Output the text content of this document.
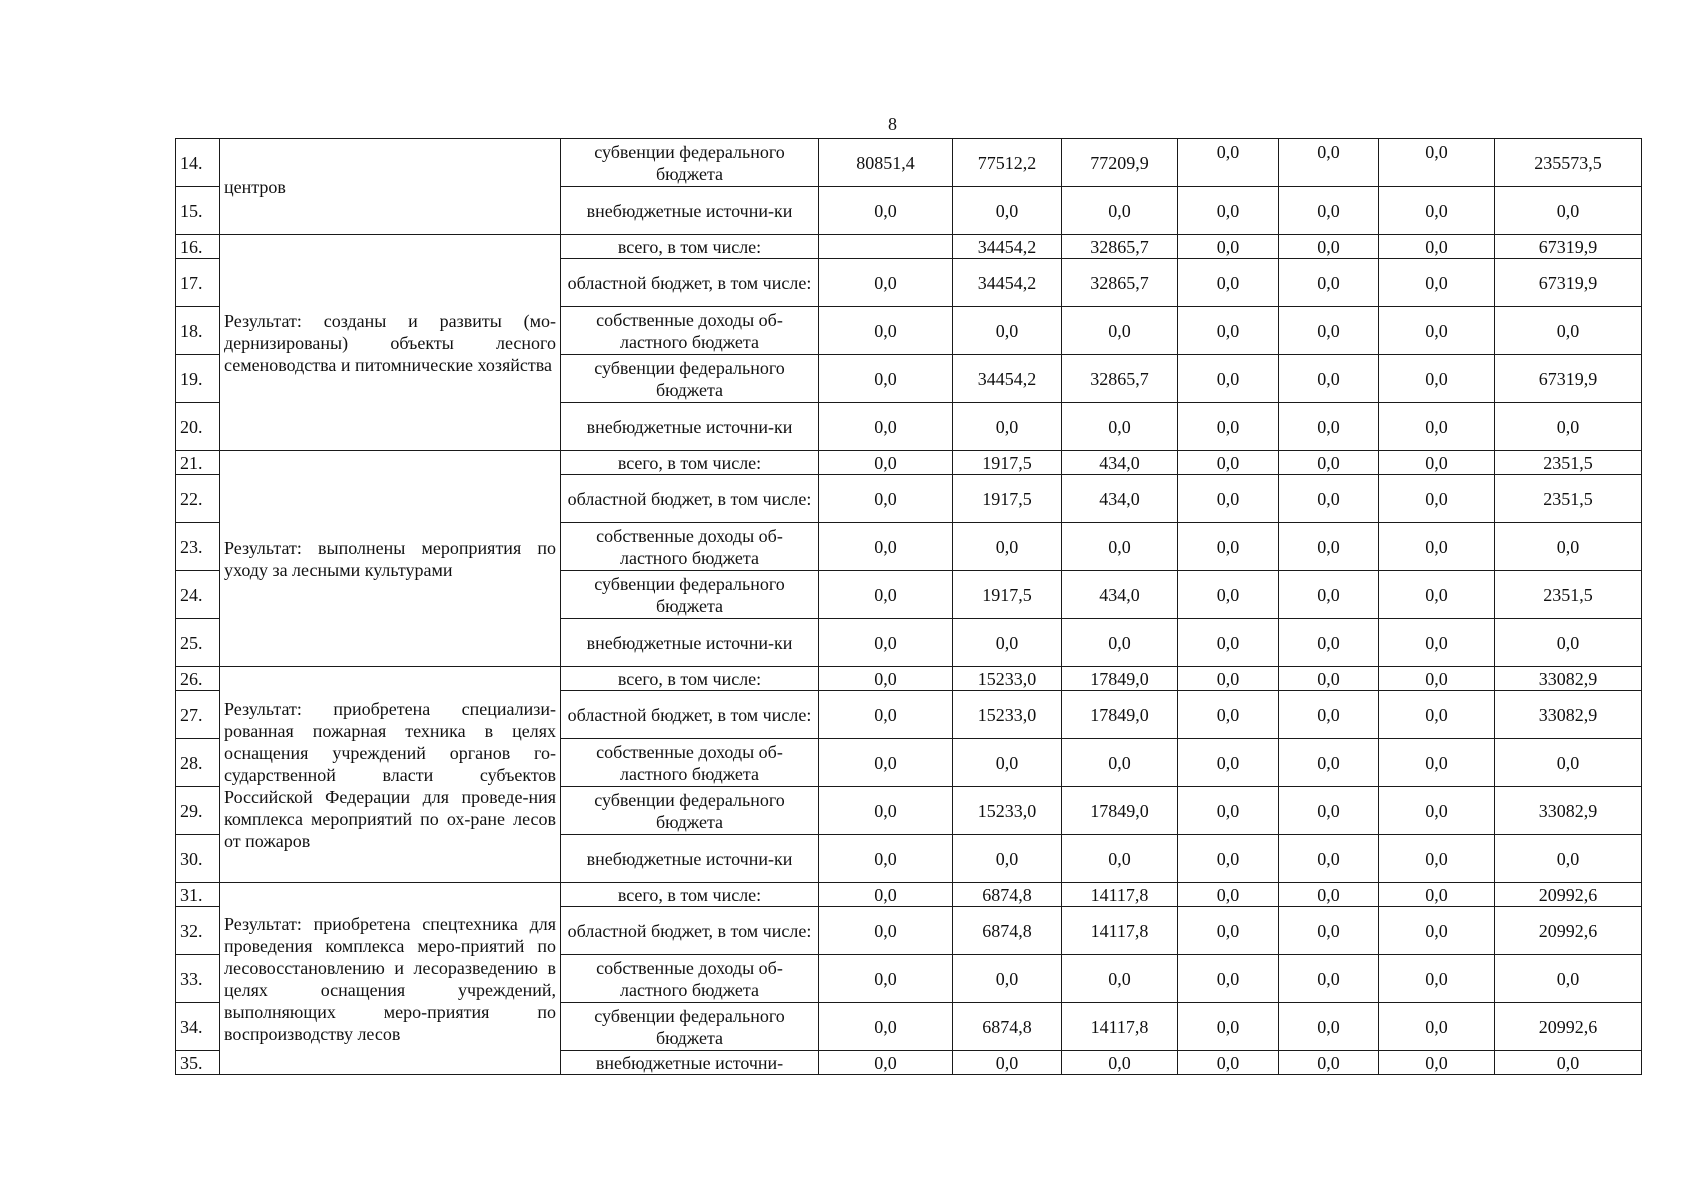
8
14.	центров	субвенции федерального бюджета	80851,4	77512,2	77209,9	0,0	0,0	0,0	235573,5
15.		внебюджетные источни-ки	0,0	0,0	0,0	0,0	0,0	0,0	0,0
16.	Результат: созданы и развиты (мо-дернизированы) объекты лесного семеноводства и питомнические хозяйства	всего, в том числе:		34454,2	32865,7	0,0	0,0	0,0	67319,9
17.		областной бюджет, в том числе:	0,0	34454,2	32865,7	0,0	0,0	0,0	67319,9
18.		собственные доходы об-ластного бюджета	0,0	0,0	0,0	0,0	0,0	0,0	0,0
19.		субвенции федерального бюджета	0,0	34454,2	32865,7	0,0	0,0	0,0	67319,9
20.		внебюджетные источни-ки	0,0	0,0	0,0	0,0	0,0	0,0	0,0
21.	Результат: выполнены мероприятия по уходу за лесными культурами	всего, в том числе:	0,0	1917,5	434,0	0,0	0,0	0,0	2351,5
22.		областной бюджет, в том числе:	0,0	1917,5	434,0	0,0	0,0	0,0	2351,5
23.		собственные доходы об-ластного бюджета	0,0	0,0	0,0	0,0	0,0	0,0	0,0
24.		субвенции федерального бюджета	0,0	1917,5	434,0	0,0	0,0	0,0	2351,5
25.		внебюджетные источни-ки	0,0	0,0	0,0	0,0	0,0	0,0	0,0
26.	Результат: приобретена специализи-рованная пожарная техника в целях оснащения учреждений органов го-сударственной власти субъектов Российской Федерации для проведе-ния комплекса мероприятий по ох-ране лесов от пожаров	всего, в том числе:	0,0	15233,0	17849,0	0,0	0,0	0,0	33082,9
27.		областной бюджет, в том числе:	0,0	15233,0	17849,0	0,0	0,0	0,0	33082,9
28.		собственные доходы об-ластного бюджета	0,0	0,0	0,0	0,0	0,0	0,0	0,0
29.		субвенции федерального бюджета	0,0	15233,0	17849,0	0,0	0,0	0,0	33082,9
30.		внебюджетные источни-ки	0,0	0,0	0,0	0,0	0,0	0,0	0,0
31.	Результат: приобретена спецтехника для проведения комплекса меро-приятий по лесовосстановлению и лесоразведению в целях оснащения учреждений, выполняющих меро-приятия по воспроизводству лесов	всего, в том числе:	0,0	6874,8	14117,8	0,0	0,0	0,0	20992,6
32.		областной бюджет, в том числе:	0,0	6874,8	14117,8	0,0	0,0	0,0	20992,6
33.		собственные доходы об-ластного бюджета	0,0	0,0	0,0	0,0	0,0	0,0	0,0
34.		субвенции федерального бюджета	0,0	6874,8	14117,8	0,0	0,0	0,0	20992,6
35.		внебюджетные источни-	0,0	0,0	0,0	0,0	0,0	0,0	0,0
